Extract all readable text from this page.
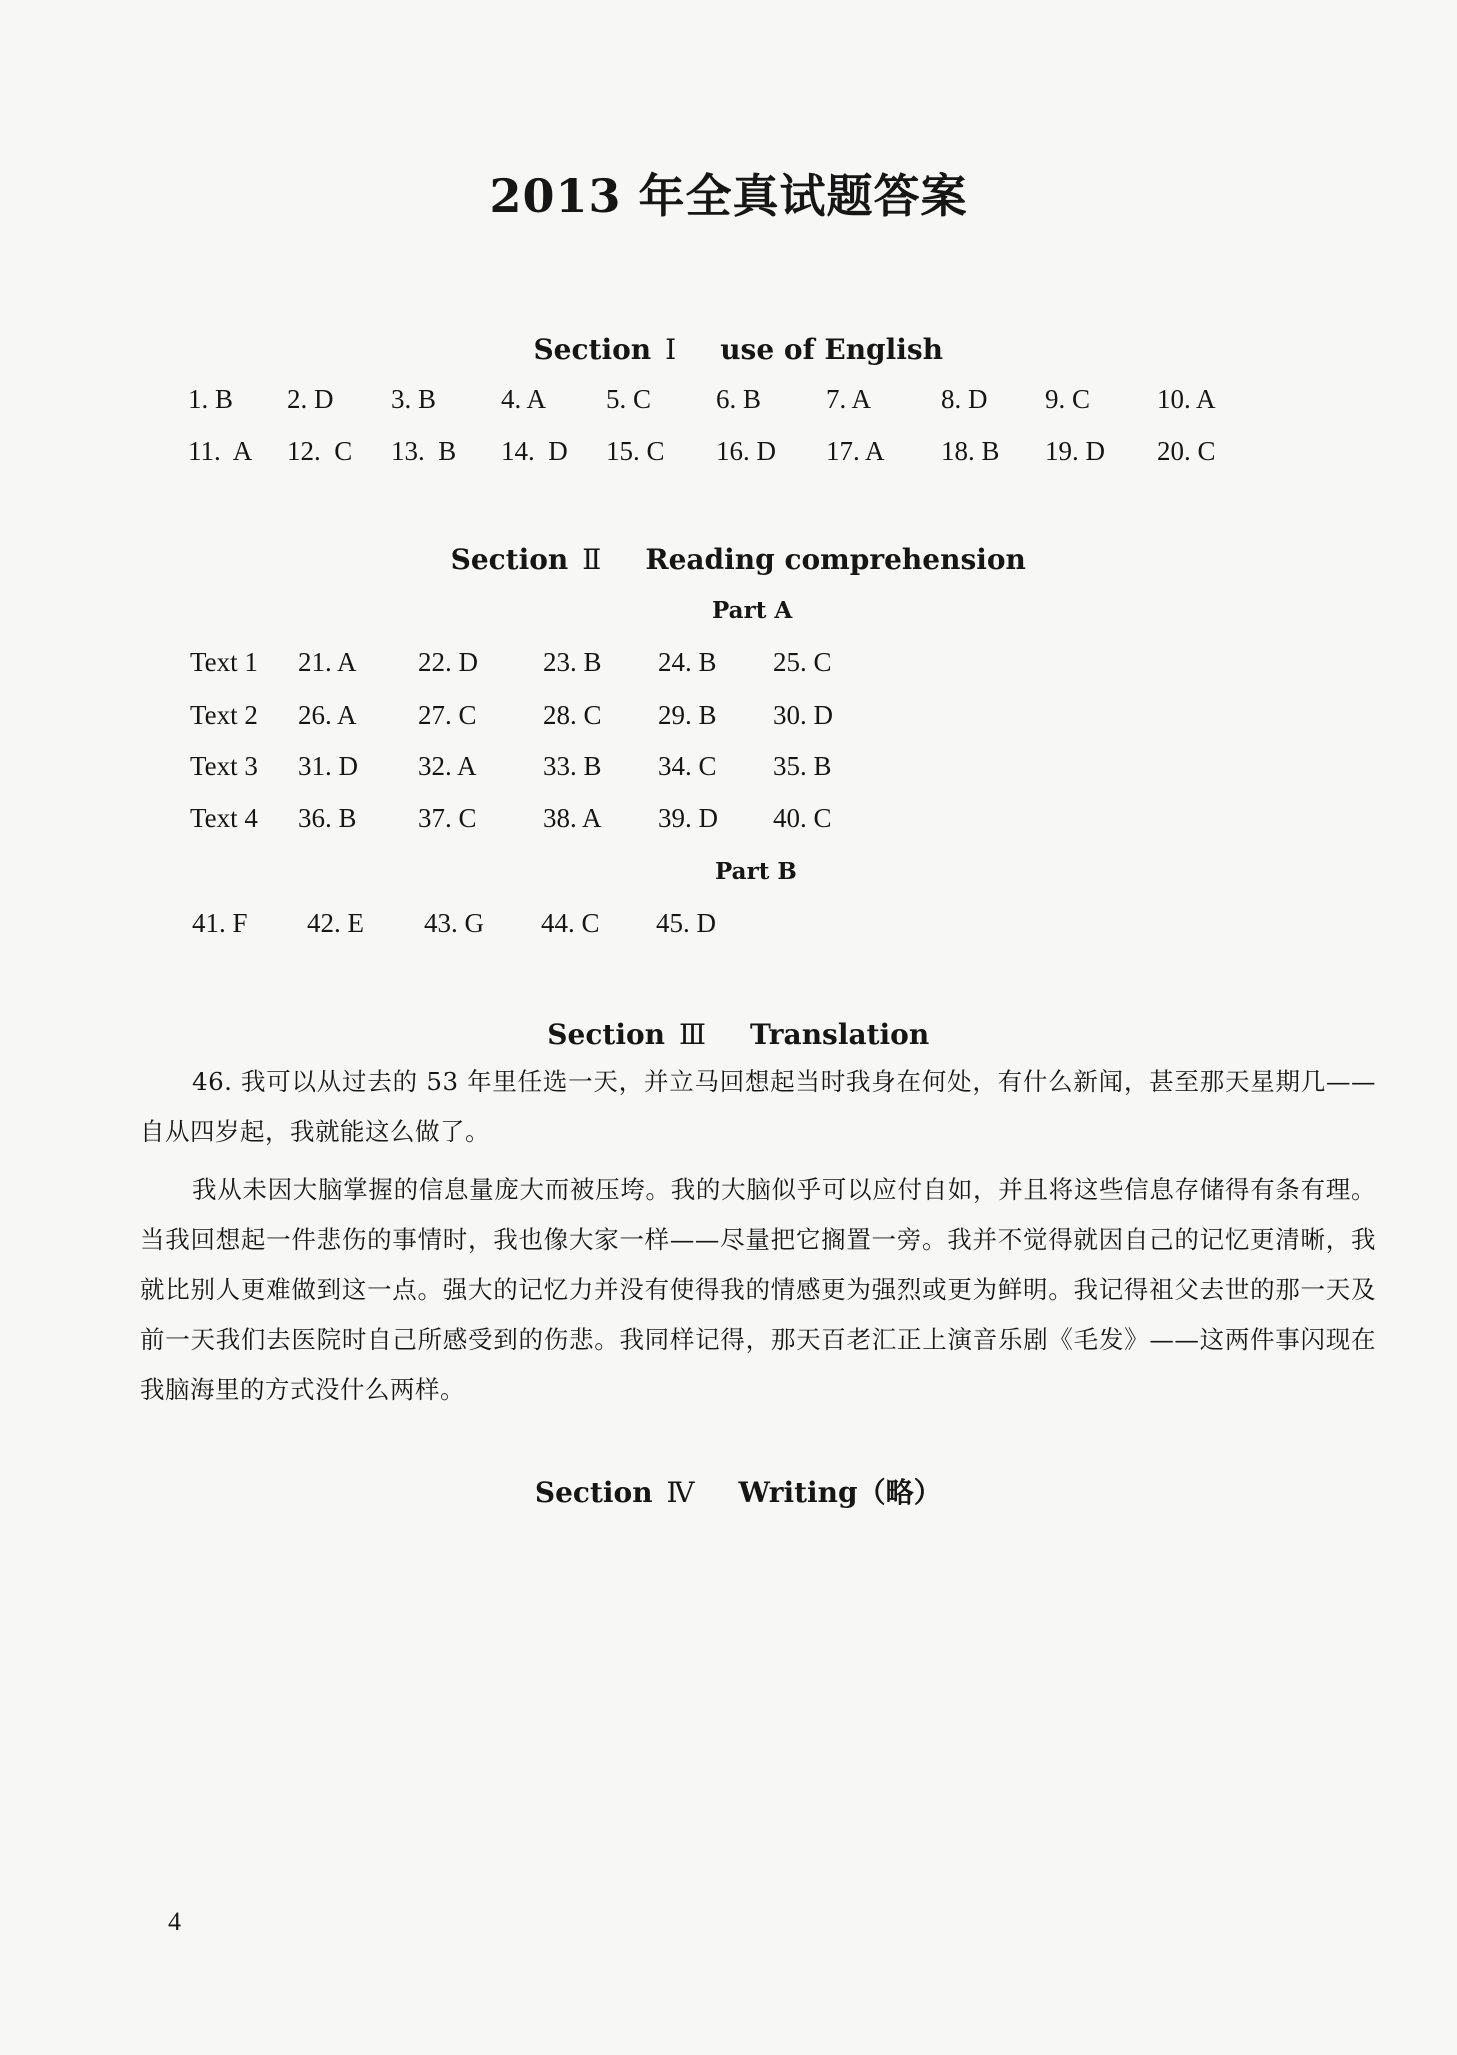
2013 年全真试题答案

Section Ⅰ use of English

1. B 2. D 3. B 4. A 5. C 6. B 7. A	8. D 9. C 10. A
11.  A 12.  C 13.  B 14.  D 15. C 16. D 17. A 18. B 19. D 20. C

Section Ⅱ Reading comprehension

Part A
Text 1 21. A 22. D 23. B 24. B 25. C
Text 2 26. A 27. C 28. C 29. B 30. D
Text 3 31. D 32. A 33. B 34. C 35. B
Text 4 36. B 37. C 38. A 39. D 40. C
Part B
41. F 42. E 43. G 44. C 45. D

Section Ⅲ Translation

46. 我可以从过去的 53 年里任选一天，并立马回想起当时我身在何处，有什么新闻，甚至那天星期几——自从四岁起，我就能这么做了。
我从未因大脑掌握的信息量庞大而被压垮。我的大脑似乎可以应付自如，并且将这些信息存储得有条有理。当我回想起一件悲伤的事情时，我也像大家一样——尽量把它搁置一旁。我并不觉得就因自己的记忆更清晰，我就比别人更难做到这一点。强大的记忆力并没有使得我的情感更为强烈或更为鲜明。我记得祖父去世的那一天及前一天我们去医院时自己所感受到的伤悲。我同样记得，那天百老汇正上演音乐剧《毛发》——这两件事闪现在我脑海里的方式没什么两样。

Section Ⅳ Writing（略）

4
